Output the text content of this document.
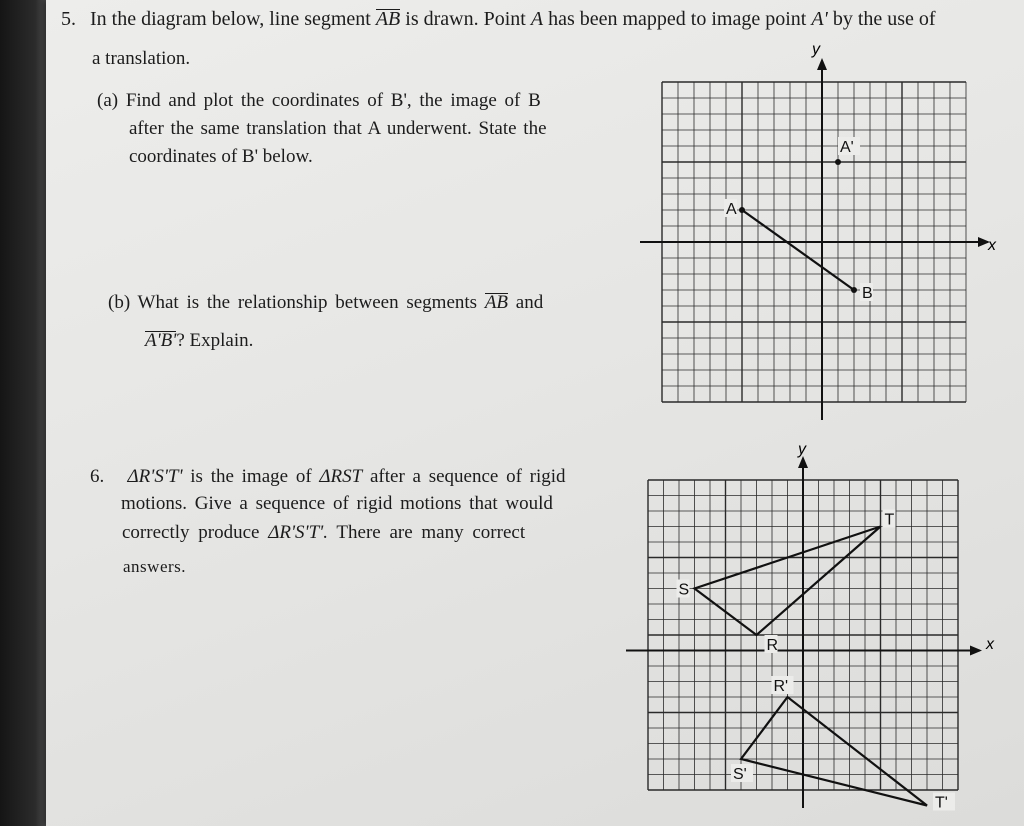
5. In the diagram below, line segment AB is drawn. Point A has been mapped to image point A' by the use of
a translation.
(a) Find and plot the coordinates of B', the image of B
after the same translation that A underwent. State the
coordinates of B' below.
(b) What is the relationship between segments AB and
A'B'? Explain.
6. ΔR'S'T' is the image of ΔRST after a sequence of rigid
motions. Give a sequence of rigid motions that would
correctly produce ΔR'S'T'. There are many correct
answers.
A
B
A'
y
x
R
S
T
R'
S'
T'
y
x
